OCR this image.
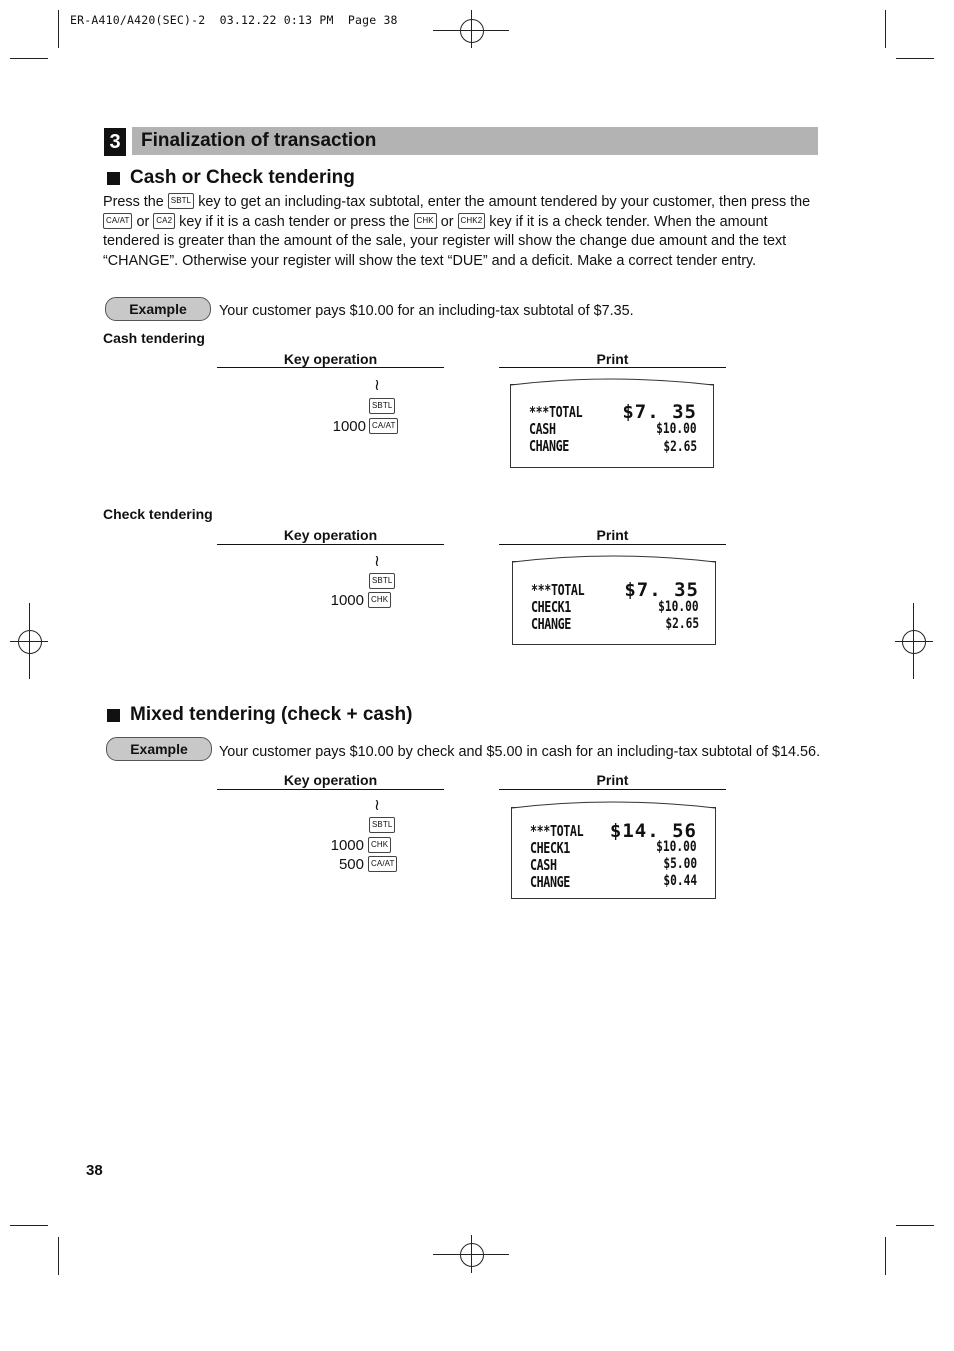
ER-A410/A420(SEC)-2  03.12.22 0:13 PM  Page 38
3 Finalization of transaction
Cash or Check tendering
Press the SBTL key to get an including-tax subtotal, enter the amount tendered by your customer, then press the
CA/AT or CA2 key if it is a cash tender or press the CHK or CHK2 key if it is a check tender. When the amount
tendered is greater than the amount of the sale, your register will show the change due amount and the text
“CHANGE”. Otherwise your register will show the text “DUE” and a deficit. Make a correct tender entry.
Example	Your customer pays $10.00 for an including-tax subtotal of $7.35.
Cash tendering
Key operation	Print
≀
SBTL
1000 CA/AT
***TOTAL $7. 35
CASH	$10.00
CHANGE	$2.65
Check tendering
Key operation	Print
≀
SBTL
1000 CHK
***TOTAL $7. 35
CHECK1	$10.00
CHANGE	$2.65
Mixed tendering (check + cash)
Example	Your customer pays $10.00 by check and $5.00 in cash for an including-tax subtotal of $14.56.
Key operation	Print
≀
SBTL
1000 CHK
500 CA/AT
***TOTAL $14. 56
CHECK1	$10.00
CASH	$5.00
CHANGE	$0.44
38
